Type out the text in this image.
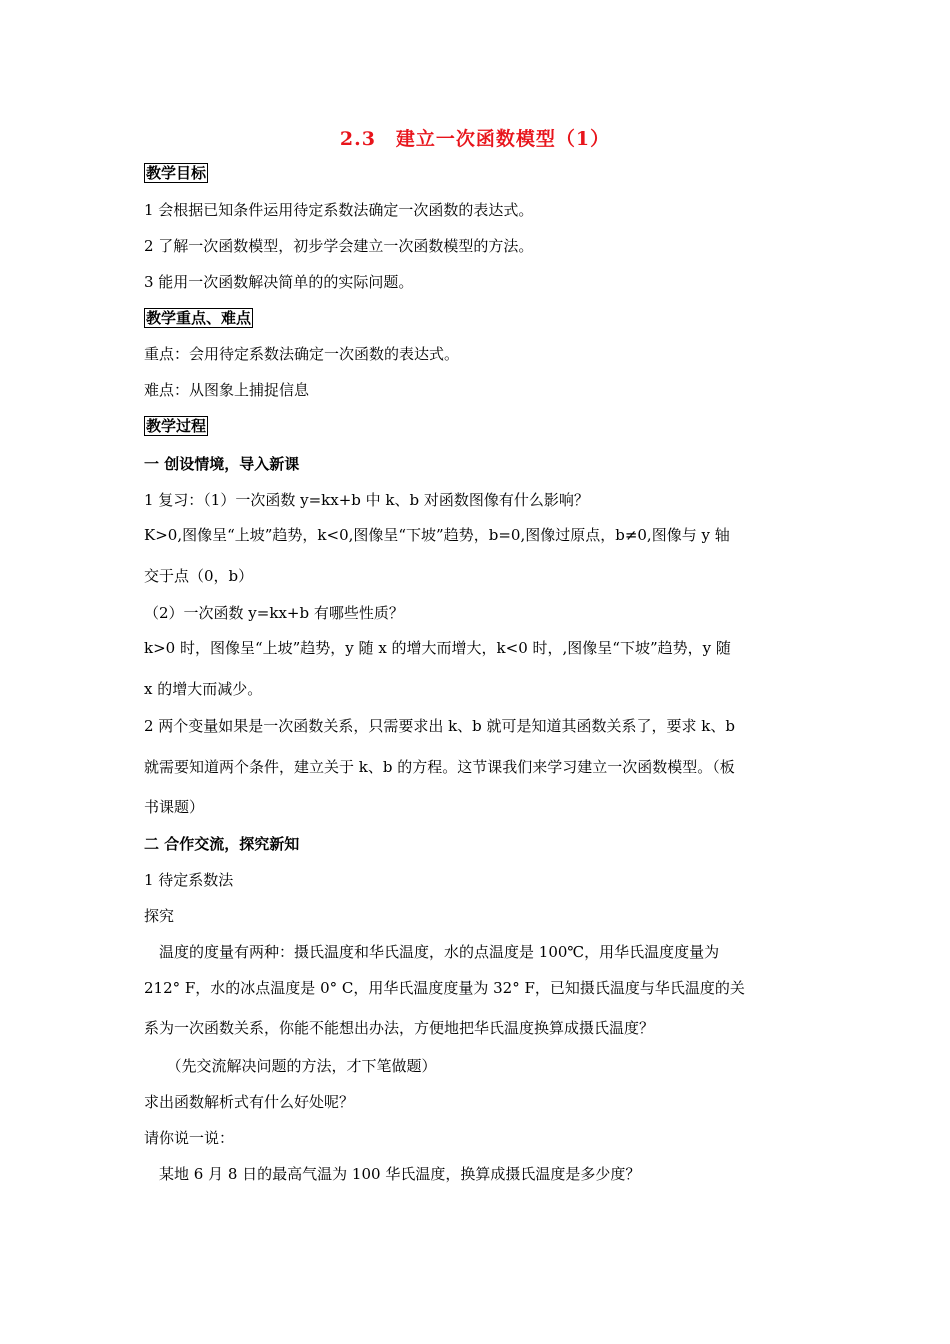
2.3　建立一次函数模型（1）
教学目标
1 会根据已知条件运用待定系数法确定一次函数的表达式。
2 了解一次函数模型，初步学会建立一次函数模型的方法。
3 能用一次函数解决简单的的实际问题。
教学重点、难点
重点：会用待定系数法确定一次函数的表达式。
难点：从图象上捕捉信息
教学过程
一 创设情境，导入新课
1 复习：（1）一次函数 y=kx+b 中 k、b 对函数图像有什么影响？
K>0,图像呈“上坡”趋势，k<0,图像呈“下坡”趋势，b=0,图像过原点，b≠0,图像与 y 轴
交于点（0，b）
（2）一次函数 y=kx+b 有哪些性质？
k>0 时，图像呈“上坡”趋势，y 随 x 的增大而增大，k<0 时，,图像呈“下坡”趋势，y 随
x 的增大而减少。
2 两个变量如果是一次函数关系，只需要求出 k、b 就可是知道其函数关系了，要求 k、b
就需要知道两个条件，建立关于 k、b 的方程。这节课我们来学习建立一次函数模型。（板
书课题）
二 合作交流，探究新知
1 待定系数法
探究
　温度的度量有两种：摄氏温度和华氏温度，水的点温度是 100℃，用华氏温度度量为
212° F，水的冰点温度是 0° C，用华氏温度度量为 32° F，已知摄氏温度与华氏温度的关
系为一次函数关系，你能不能想出办法，方便地把华氏温度换算成摄氏温度？
　　（先交流解决问题的方法，才下笔做题）
求出函数解析式有什么好处呢？
请你说一说：
　某地 6 月 8 日的最高气温为 100 华氏温度，换算成摄氏温度是多少度？
